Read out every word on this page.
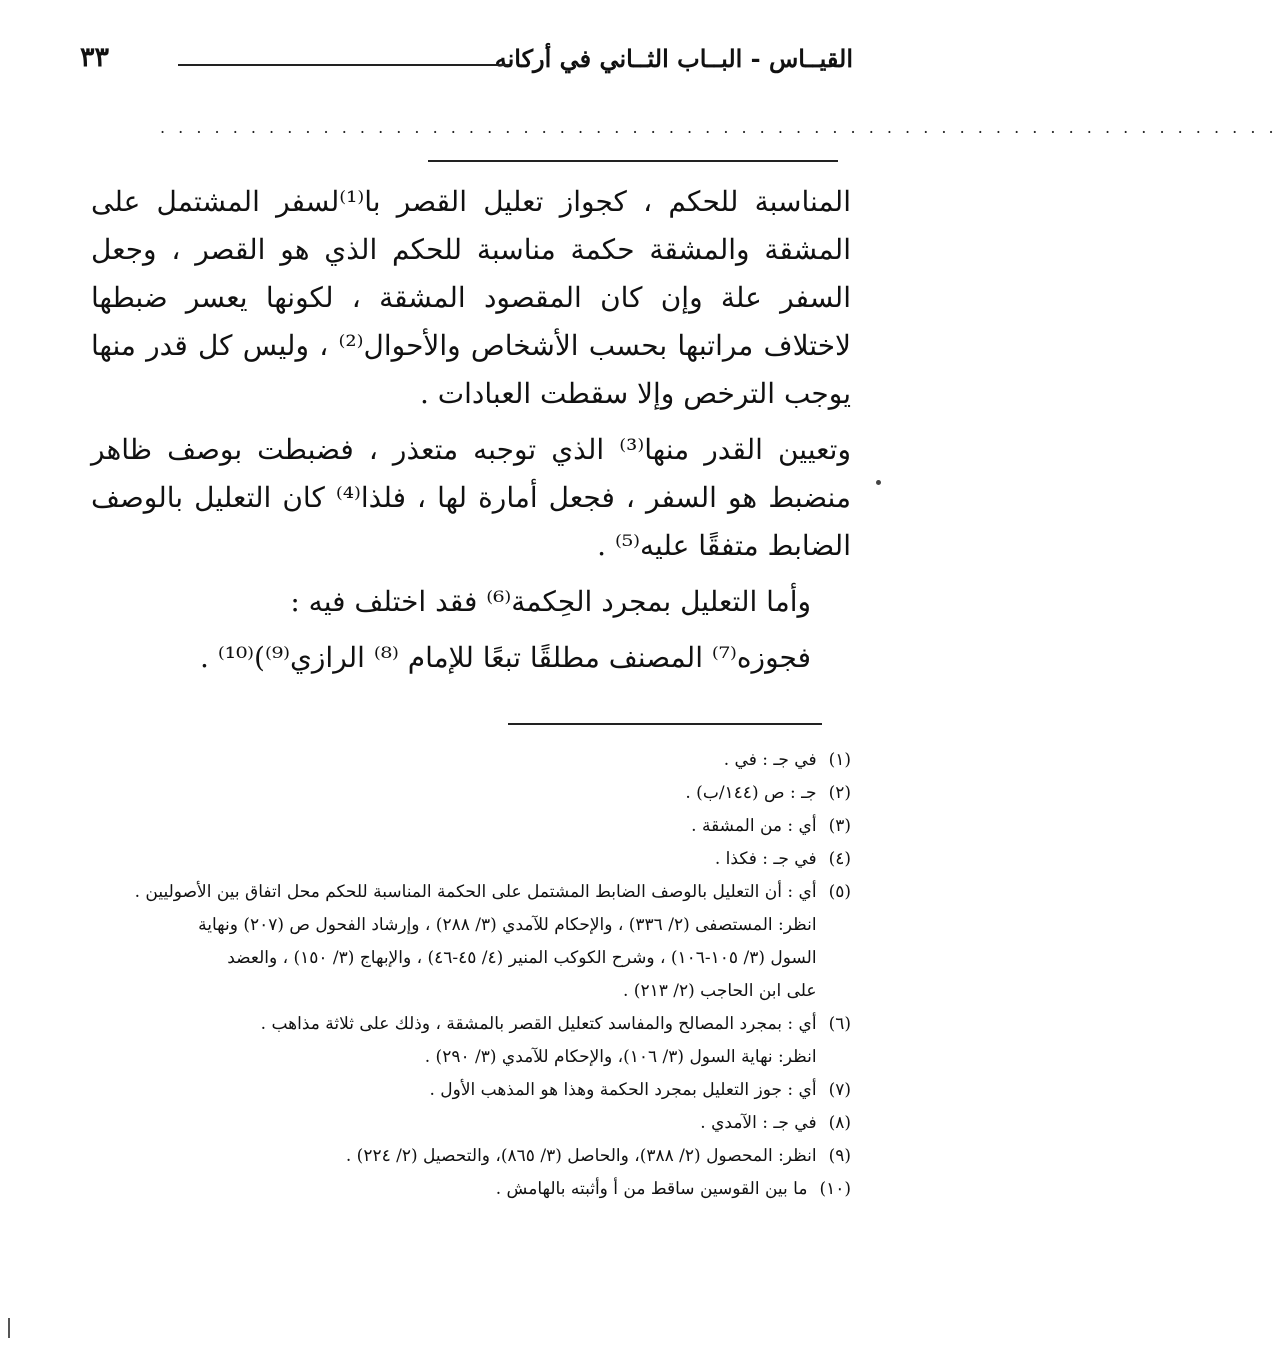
القيــاس - البــاب الثــاني في أركانه
٣٣
. . . . . . . . . . . . . . . . . . . . . . . . . . . . . . . . . . . . . . . . . . . . . . . . . . . . . . . . . . . . . .

المناسبة للحكم ، كجواز تعليل القصر با⁽¹⁾لسفر المشتمل على المشقة والمشقة حكمة مناسبة للحكم الذي هو القصر ، وجعل السفر علة وإن كان المقصود المشقة ، لكونها يعسر ضبطها لاختلاف مراتبها بحسب الأشخاص والأحوال⁽²⁾ ، وليس كل قدر منها يوجب الترخص وإلا سقطت العبادات .

وتعيين القدر منها⁽³⁾ الذي توجبه متعذر ، فضبطت بوصف ظاهر منضبط هو السفر ، فجعل أمارة لها ، فلذا⁽⁴⁾ كان التعليل بالوصف الضابط متفقًا عليه⁽⁵⁾ .

وأما التعليل بمجرد الحِكمة⁽⁶⁾ فقد اختلف فيه :

فجوزه⁽⁷⁾ المصنف مطلقًا تبعًا للإمام ⁽⁸⁾ الرازي⁽⁹⁾)⁽¹⁰⁾ .

(١)
في جـ : في .
(٢)
جـ : ص (١٤٤/ب) .
(٣)
أي : من المشقة .
(٤)
في جـ : فكذا .
(٥)
أي : أن التعليل بالوصف الضابط المشتمل على الحكمة المناسبة للحكم محل اتفاق بين الأصوليين .
انظر: المستصفى (٢/ ٣٣٦) ، والإحكام للآمدي (٣/ ٢٨٨) ، وإرشاد الفحول ص (٢٠٧) ونهاية
السول (٣/ ١٠٥-١٠٦) ، وشرح الكوكب المنير (٤/ ٤٥-٤٦) ، والإبهاج (٣/ ١٥٠) ، والعضد
على ابن الحاجب (٢/ ٢١٣) .
(٦)
أي : بمجرد المصالح والمفاسد كتعليل القصر بالمشقة ، وذلك على ثلاثة مذاهب .
انظر: نهاية السول (٣/ ١٠٦)، والإحكام للآمدي (٣/ ٢٩٠) .
(٧)
أي : جوز التعليل بمجرد الحكمة وهذا هو المذهب الأول .
(٨)
في جـ : الآمدي .
(٩)
انظر: المحصول (٢/ ٣٨٨)، والحاصل (٣/ ٨٦٥)، والتحصيل (٢/ ٢٢٤) .
(١٠)
ما بين القوسين ساقط من أ وأثبته بالهامش .
